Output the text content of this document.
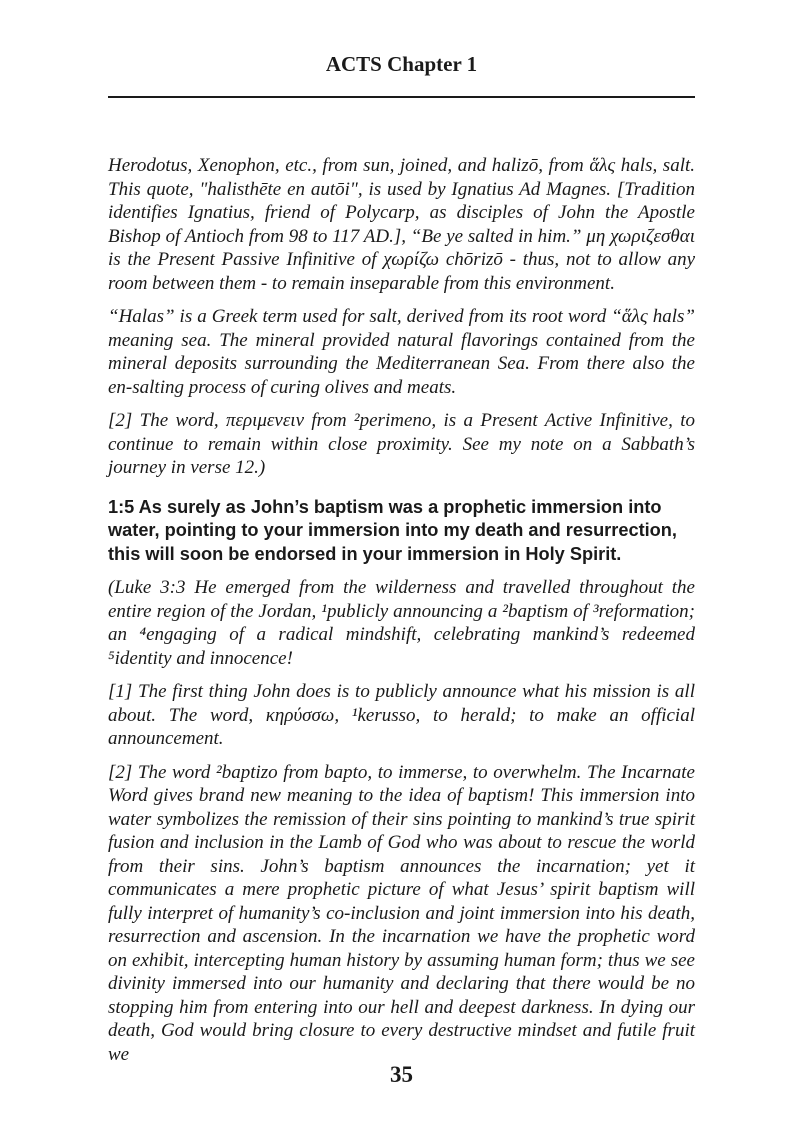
ACTS Chapter 1

Herodotus, Xenophon, etc., from sun, joined, and halizō, from ἅλς hals, salt. This quote, "halisthēte en autōi", is used by Ignatius Ad Magnes. [Tradition identifies Ignatius, friend of Polycarp, as disciples of John the Apostle Bishop of Antioch from 98 to 117 AD.], “Be ye salted in him.” μη χωριζεσθαι is the Present Passive Infinitive of χωρίζω chōrizō - thus, not to allow any room between them - to remain inseparable from this environment.

“Halas” is a Greek term used for salt, derived from its root word “ἅλς hals” meaning sea. The mineral provided natural flavorings contained from the mineral deposits surrounding the Mediterranean Sea. From there also the en-salting process of curing olives and meats.

[2] The word, περιμενειν from ²perimeno, is a Present Active Infinitive, to continue to remain within close proximity. See my note on a Sabbath’s journey in verse 12.)

1:5 As surely as John’s baptism was a prophetic immersion into water, pointing to your immersion into my death and resurrection, this will soon be endorsed in your immersion in Holy Spirit.

(Luke 3:3 He emerged from the wilderness and travelled throughout the entire region of the Jordan, ¹publicly announcing a ²baptism of ³reformation; an ⁴engaging of a radical mindshift, celebrating mankind’s redeemed ⁵identity and innocence!

[1] The first thing John does is to publicly announce what his mission is all about. The word, κηρύσσω, ¹kerusso, to herald; to make an official announcement.

[2] The word ²baptizo from bapto, to immerse, to overwhelm. The Incarnate Word gives brand new meaning to the idea of baptism! This immersion into water symbolizes the remission of their sins pointing to mankind’s true spirit fusion and inclusion in the Lamb of God who was about to rescue the world from their sins. John’s baptism announces the incarnation; yet it communicates a mere prophetic picture of what Jesus’ spirit baptism will fully interpret of humanity’s co-inclusion and joint immersion into his death, resurrection and ascension. In the incarnation we have the prophetic word on exhibit, intercepting human history by assuming human form; thus we see divinity immersed into our humanity and declaring that there would be no stopping him from entering into our hell and deepest darkness. In dying our death, God would bring closure to every destructive mindset and futile fruit we

35
